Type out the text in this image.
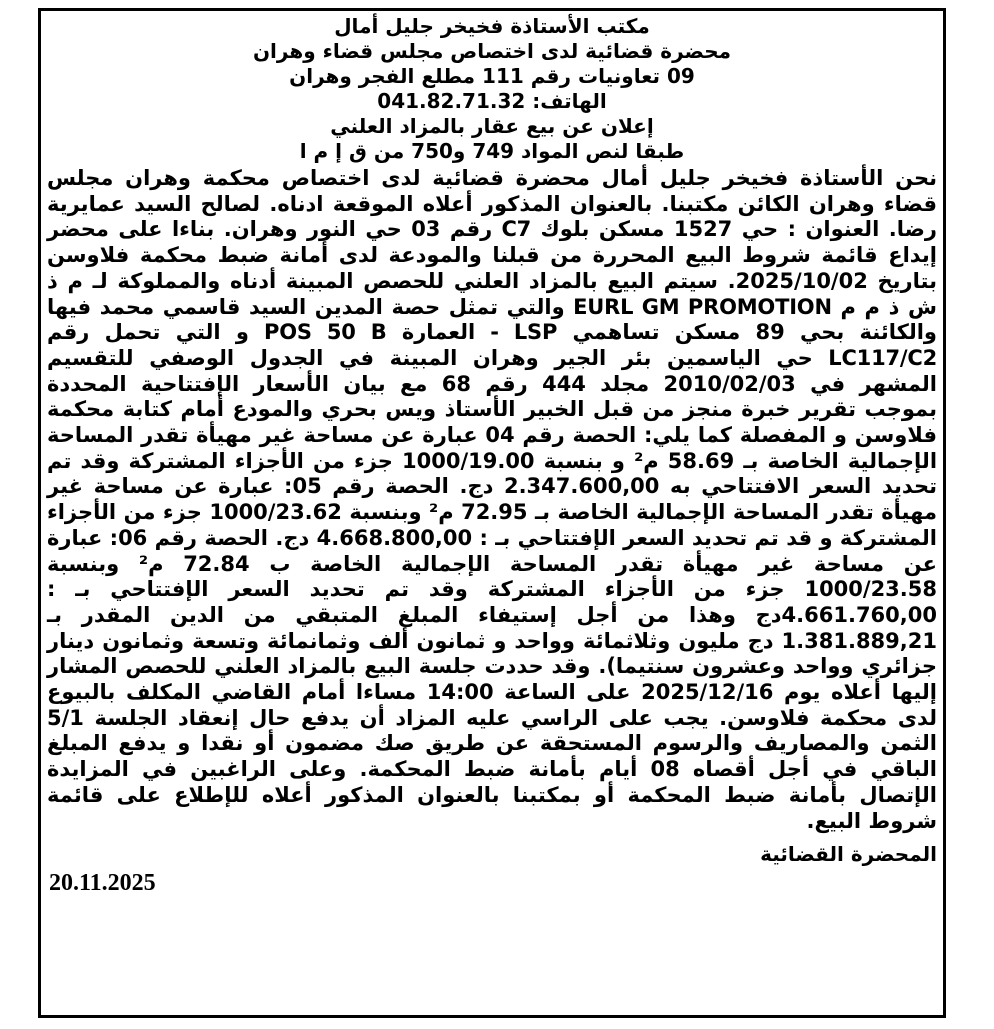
مكتب الأستاذة فخيخر جليل أمال
محضرة قضائية لدى اختصاص مجلس قضاء وهران
09 تعاونيات رقم 111 مطلع الفجر وهران
الهاتف: 041.82.71.32
إعلان عن بيع عقار بالمزاد العلني
طبقا لنص المواد 749 و750 من ق إ م ا
نحن الأستاذة فخيخر جليل أمال محضرة قضائية لدى اختصاص محكمة وهران مجلس قضاء وهران الكائن مكتبنا. بالعنوان المذكور أعلاه الموقعة ادناه. لصالح السيد عمايرية رضا. العنوان : حي 1527 مسكن بلوك C7 رقم 03 حي النور وهران. بناءا على محضر إيداع قائمة شروط البيع المحررة من قبلنا والمودعة لدى أمانة ضبط محكمة فلاوسن بتاريخ 2025/10/02. سيتم البيع بالمزاد العلني للحصص المبينة أدناه والمملوكة لـ م ذ ش ذ م م EURL GM PROMOTION والتي تمثل حصة المدين السيد قاسمي محمد فيها والكائنة بحي 89 مسكن تساهمي LSP - العمارة POS 50 B و التي تحمل رقم LC117/C2 حي الياسمين بئر الجير وهران المبينة في الجدول الوصفي للتقسيم المشهر في 2010/02/03 مجلد 444 رقم 68 مع بيان الأسعار الإفتتاحية المحددة بموجب تقرير خبرة منجز من قبل الخبير الأستاذ ويس بحري والمودع أمام كتابة محكمة فلاوسن و المفصلة كما يلي: الحصة رقم 04 عبارة عن مساحة غير مهيأة تقدر المساحة الإجمالية الخاصة بـ 58.69 م² و بنسبة 1000/19.00 جزء من الأجزاء المشتركة وقد تم تحديد السعر الافتتاحي به 2.347.600,00 دج. الحصة رقم 05: عبارة عن مساحة غير مهيأة تقدر المساحة الإجمالية الخاصة بـ 72.95 م² وبنسبة 1000/23.62 جزء من الأجزاء المشتركة و قد تم تحديد السعر الإفتتاحي بـ : 4.668.800,00 دج. الحصة رقم 06: عبارة عن مساحة غير مهيأة تقدر المساحة الإجمالية الخاصة ب 72.84 م² وبنسبة 1000/23.58 جزء من الأجزاء المشتركة وقد تم تحديد السعر الإفتتاحي بـ : 4.661.760,00دج وهذا من أجل إستيفاء المبلغ المتبقي من الدين المقدر بـ 1.381.889,21 دج مليون وثلاثمائة وواحد و ثمانون ألف وثمانمائة وتسعة وثمانون دينار جزائري وواحد وعشرون سنتيما). وقد حددت جلسة البيع بالمزاد العلني للحصص المشار إليها أعلاه يوم 2025/12/16 على الساعة 14:00 مساءا أمام القاضي المكلف بالبيوع لدى محكمة فلاوسن. يجب على الراسي عليه المزاد أن يدفع حال إنعقاد الجلسة 5/1 الثمن والمصاريف والرسوم المستحقة عن طريق صك مضمون أو نقدا و يدفع المبلغ الباقي في أجل أقصاه 08 أيام بأمانة ضبط المحكمة. وعلى الراغبين في المزايدة الإتصال بأمانة ضبط المحكمة أو بمكتبنا بالعنوان المذكور أعلاه للإطلاع على قائمة شروط البيع.
المحضرة القضائية
20.11.2025
